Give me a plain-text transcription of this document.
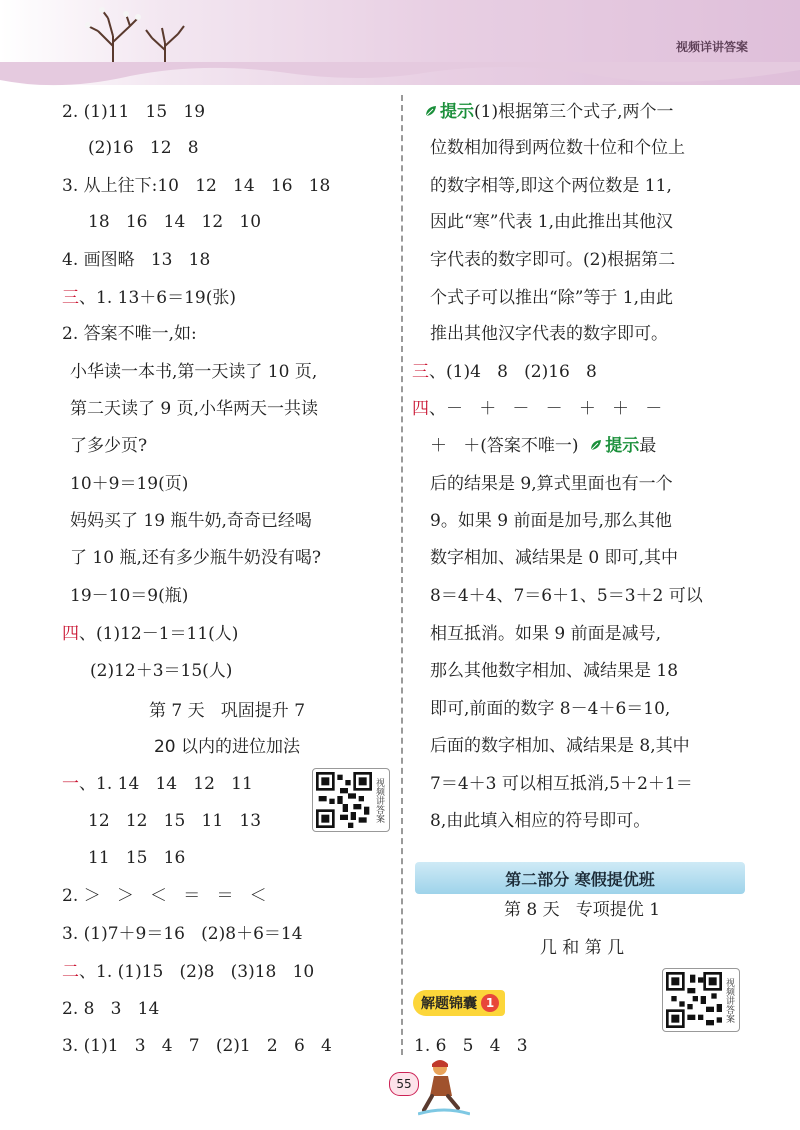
视频详讲答案
2. (1)11   15   19
(2)16   12   8
3. 从上往下:10   12   14   16   18
18   16   14   12   10
4. 画图略   13   18
三、1. 13＋6＝19(张)
2. 答案不唯一,如:
小华读一本书,第一天读了 10 页,
第二天读了 9 页,小华两天一共读
了多少页?
10＋9＝19(页)
妈妈买了 19 瓶牛奶,奇奇已经喝
了 10 瓶,还有多少瓶牛奶没有喝?
19－10＝9(瓶)
四、(1)12－1＝11(人)
(2)12＋3＝15(人)
第 7 天   巩固提升 7
20 以内的进位加法
一、1. 14   14   12   11
12   12   15   11   13
11   15   16
2. ＞   ＞   ＜   ＝   ＝   ＜
3. (1)7＋9＝16   (2)8＋6＝14
二、1. (1)15   (2)8   (3)18   10
2. 8   3   14
3. (1)1   3   4   7   (2)1   2   6   4
视频讲答案
提示(1)根据第三个式子,两个一
位数相加得到两位数十位和个位上
的数字相等,即这个两位数是 11,
因此“寒”代表 1,由此推出其他汉
字代表的数字即可。(2)根据第二
个式子可以推出“除”等于 1,由此
推出其他汉字代表的数字即可。
三、(1)4   8   (2)16   8
四、－   ＋   －   －   ＋   ＋   －
＋   ＋(答案不唯一) 提示最
后的结果是 9,算式里面也有一个
9。如果 9 前面是加号,那么其他
数字相加、减结果是 0 即可,其中
8＝4＋4、7＝6＋1、5＝3＋2 可以
相互抵消。如果 9 前面是减号,
那么其他数字相加、减结果是 18
即可,前面的数字 8－4＋6＝10,
后面的数字相加、减结果是 8,其中
7＝4＋3 可以相互抵消,5＋2＋1＝
8,由此填入相应的符号即可。
第 8 天   专项提优 1
几 和 第 几
1. 6   5   4   3
第二部分 寒假提优班
视频讲答案
解题锦囊 1
55
